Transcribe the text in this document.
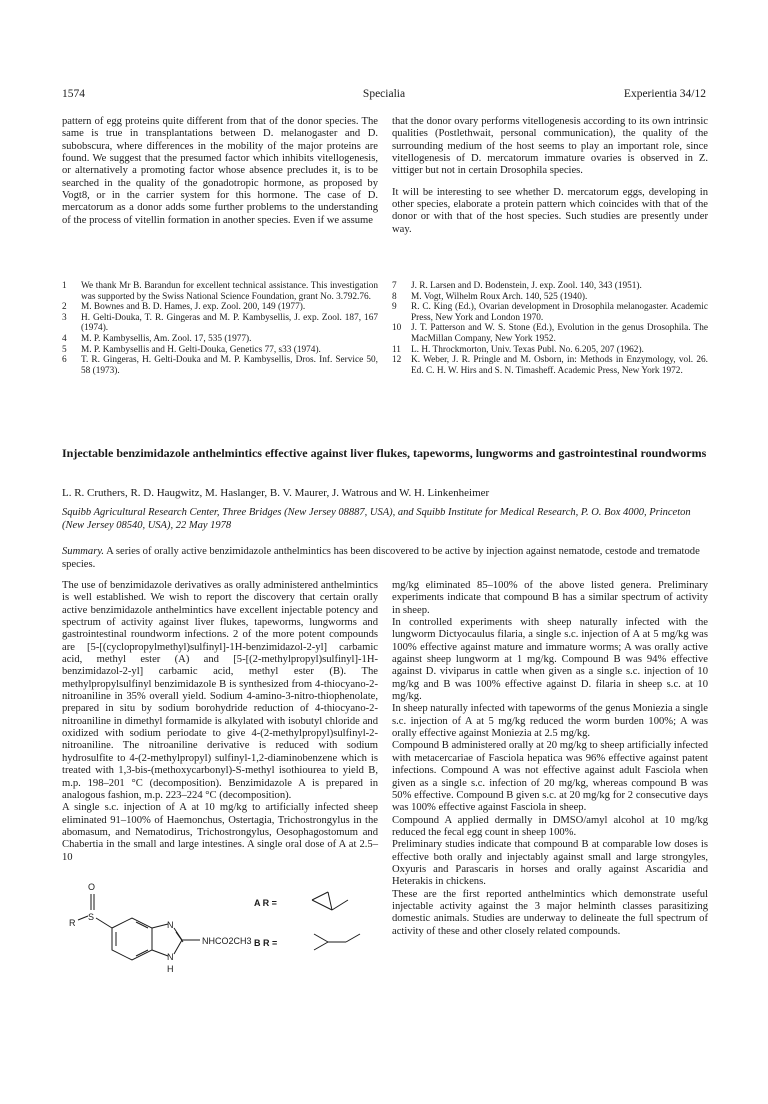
1574	Specialia	Experientia 34/12

pattern of egg proteins quite different from that of the donor species. The same is true in transplantations between D. melanogaster and D. subobscura, where differences in the mobility of the major proteins are found. We suggest that the presumed factor which inhibits vitellogenesis, or alternatively a promoting factor whose absence precludes it, is to be searched in the quality of the gonadotropic hormone, as proposed by Vogt8, or in the carrier system for this hormone. The case of D. mercatorum as a donor adds some further problems to the understanding of the process of vitellin formation in another species. Even if we assume

that the donor ovary performs vitellogenesis according to its own intrinsic qualities (Postlethwait, personal communication), the quality of the surrounding medium of the host seems to play an important role, since vitellogenesis of D. mercatorum immature ovaries is observed in Z. vittiger but not in certain Drosophila species.

It will be interesting to see whether D. mercatorum eggs, developing in other species, elaborate a protein pattern which coincides with that of the donor or with that of the host species. Such studies are presently under way.

1	We thank Mr B. Barandun for excellent technical assistance. This investigation was supported by the Swiss National Science Foundation, grant No. 3.792.76.
2	M. Bownes and B. D. Hames, J. exp. Zool. 200, 149 (1977).
3	H. Gelti-Douka, T. R. Gingeras and M. P. Kambysellis, J. exp. Zool. 187, 167 (1974).
4	M. P. Kambysellis, Am. Zool. 17, 535 (1977).
5	M. P. Kambysellis and H. Gelti-Douka, Genetics 77, s33 (1974).
6	T. R. Gingeras, H. Gelti-Douka and M. P. Kambysellis, Dros. Inf. Service 50, 58 (1973).
7	J. R. Larsen and D. Bodenstein, J. exp. Zool. 140, 343 (1951).
8	M. Vogt, Wilhelm Roux Arch. 140, 525 (1940).
9	R. C. King (Ed.), Ovarian development in Drosophila melanogaster. Academic Press, New York and London 1970.
10	J. T. Patterson and W. S. Stone (Ed.), Evolution in the genus Drosophila. The MacMillan Company, New York 1952.
11	L. H. Throckmorton, Univ. Texas Publ. No. 6.205, 207 (1962).
12	K. Weber, J. R. Pringle and M. Osborn, in: Methods in Enzymology, vol. 26. Ed. C. H. W. Hirs and S. N. Timasheff. Academic Press, New York 1972.
Injectable benzimidazole anthelmintics effective against liver flukes, tapeworms, lungworms and gastrointestinal roundworms
L. R. Cruthers, R. D. Haugwitz, M. Haslanger, B. V. Maurer, J. Watrous and W. H. Linkenheimer
Squibb Agricultural Research Center, Three Bridges (New Jersey 08887, USA), and Squibb Institute for Medical Research, P. O. Box 4000, Princeton (New Jersey 08540, USA), 22 May 1978
Summary. A series of orally active benzimidazole anthelmintics has been discovered to be active by injection against nematode, cestode and trematode species.

The use of benzimidazole derivatives as orally administered anthelmintics is well established. We wish to report the discovery that certain orally active benzimidazole anthelmintics have excellent injectable potency and spectrum of activity against liver flukes, tapeworms, lungworms and gastrointestinal roundworm infections. 2 of the more potent compounds are [5-[(cyclopropylmethyl)sulfinyl]-1H-benzimidazol-2-yl] carbamic acid, methyl ester (A) and [5-[(2-methylpropyl)sulfinyl]-1H-benzimidazol-2-yl] carbamic acid, methyl ester (B). The methylpropylsulfinyl benzimidazole B is synthesized from 4-thiocyano-2-nitroaniline in 35% overall yield. Sodium 4-amino-3-nitro-thiophenolate, prepared in situ by sodium borohydride reduction of 4-thiocyano-2-nitroaniline in dimethyl formamide is alkylated with isobutyl chloride and oxidized with sodium periodate to give 4-(2-methylpropyl)sulfinyl-2-nitroaniline. The nitroaniline derivative is reduced with sodium hydrosulfite to 4-(2-methylpropyl) sulfinyl-1,2-diaminobenzene which is treated with 1,3-bis-(methoxycarbonyl)-S-methyl isothiourea to yield B, m.p. 198–201 °C (decomposition). Benzimidazole A is prepared in analogous fashion, m.p. 223–224 °C (decomposition).

A single s.c. injection of A at 10 mg/kg to artificially infected sheep eliminated 91–100% of Haemonchus, Ostertagia, Trichostrongylus in the abomasum, and Nematodirus, Trichostrongylus, Oesophagostomum and Chabertia in the small and large intestines. A single oral dose of A at 2.5–10

O
S
R	N
N
H
NHCO2CH3
A R =
B R =

mg/kg eliminated 85–100% of the above listed genera. Preliminary experiments indicate that compound B has a similar spectrum of activity in sheep.

In controlled experiments with sheep naturally infected with the lungworm Dictyocaulus filaria, a single s.c. injection of A at 5 mg/kg was 100% effective against mature and immature worms; A was orally active against sheep lungworm at 1 mg/kg. Compound B was 94% effective against D. viviparus in cattle when given as a single s.c. injection of 10 mg/kg and B was 100% effective against D. filaria in sheep s.c. at 10 mg/kg.

In sheep naturally infected with tapeworms of the genus Moniezia a single s.c. injection of A at 5 mg/kg reduced the worm burden 100%; A was orally effective against Moniezia at 2.5 mg/kg.

Compound B administered orally at 20 mg/kg to sheep artificially infected with metacercariae of Fasciola hepatica was 96% effective against patent infections. Compound A was not effective against adult Fasciola when given as a single s.c. infection of 20 mg/kg, whereas compound B was 50% effective. Compound B given s.c. at 20 mg/kg for 2 consecutive days was 100% effective against Fasciola in sheep.

Compound A applied dermally in DMSO/amyl alcohol at 10 mg/kg reduced the fecal egg count in sheep 100%.

Preliminary studies indicate that compound B at comparable low doses is effective both orally and injectably against small and large strongyles, Oxyuris and Parascaris in horses and orally against Ascaridia and Heterakis in chickens.

These are the first reported anthelmintics which demonstrate useful injectable activity against the 3 major helminth classes parasitizing domestic animals. Studies are underway to delineate the full spectrum of activity of these and other closely related compounds.
